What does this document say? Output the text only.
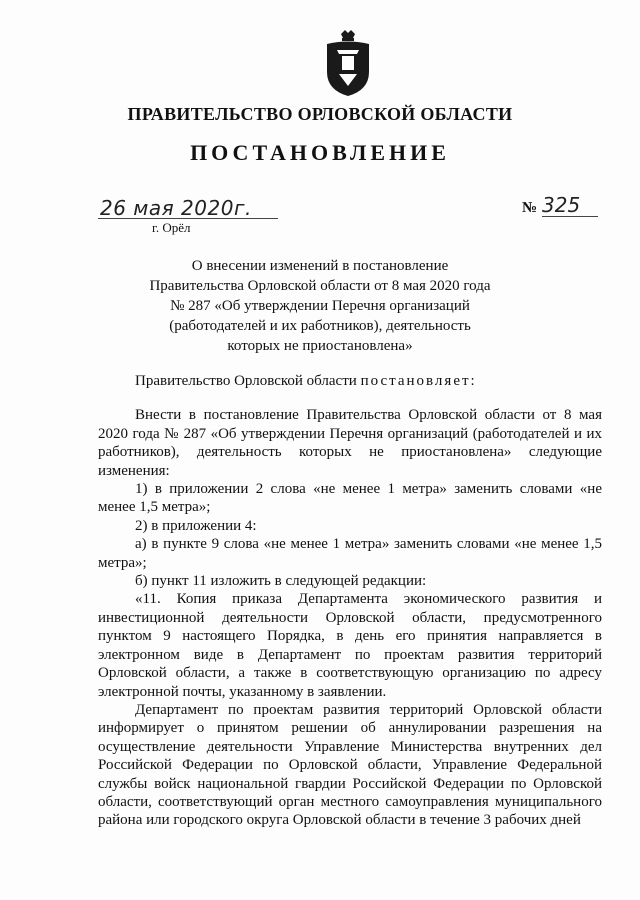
ПРАВИТЕЛЬСТВО ОРЛОВСКОЙ ОБЛАСТИ
ПОСТАНОВЛЕНИЕ
26 мая 2020г.	№ 325
г. Орёл
О внесении изменений в постановление
Правительства Орловской области от 8 мая 2020 года
№ 287 «Об утверждении Перечня организаций
(работодателей и их работников), деятельность
которых не приостановлена»
Правительство Орловской области постановляет:
Внести в постановление Правительства Орловской области от 8 мая 2020 года № 287 «Об утверждении Перечня организаций (работодателей и их работников), деятельность которых не приостановлена» следующие изменения:
1) в приложении 2 слова «не менее 1 метра» заменить словами «не менее 1,5 метра»;
2) в приложении 4:
а) в пункте 9 слова «не менее 1 метра» заменить словами «не менее 1,5 метра»;
б) пункт 11 изложить в следующей редакции:
«11. Копия приказа Департамента экономического развития и инвестиционной деятельности Орловской области, предусмотренного пунктом 9 настоящего Порядка, в день его принятия направляется в электронном виде в Департамент по проектам развития территорий Орловской области, а также в соответствующую организацию по адресу электронной почты, указанному в заявлении.
Департамент по проектам развития территорий Орловской области информирует о принятом решении об аннулировании разрешения на осуществление деятельности Управление Министерства внутренних дел Российской Федерации по Орловской области, Управление Федеральной службы войск национальной гвардии Российской Федерации по Орловской области, соответствующий орган местного самоуправления муниципального района или городского округа Орловской области в течение 3 рабочих дней
